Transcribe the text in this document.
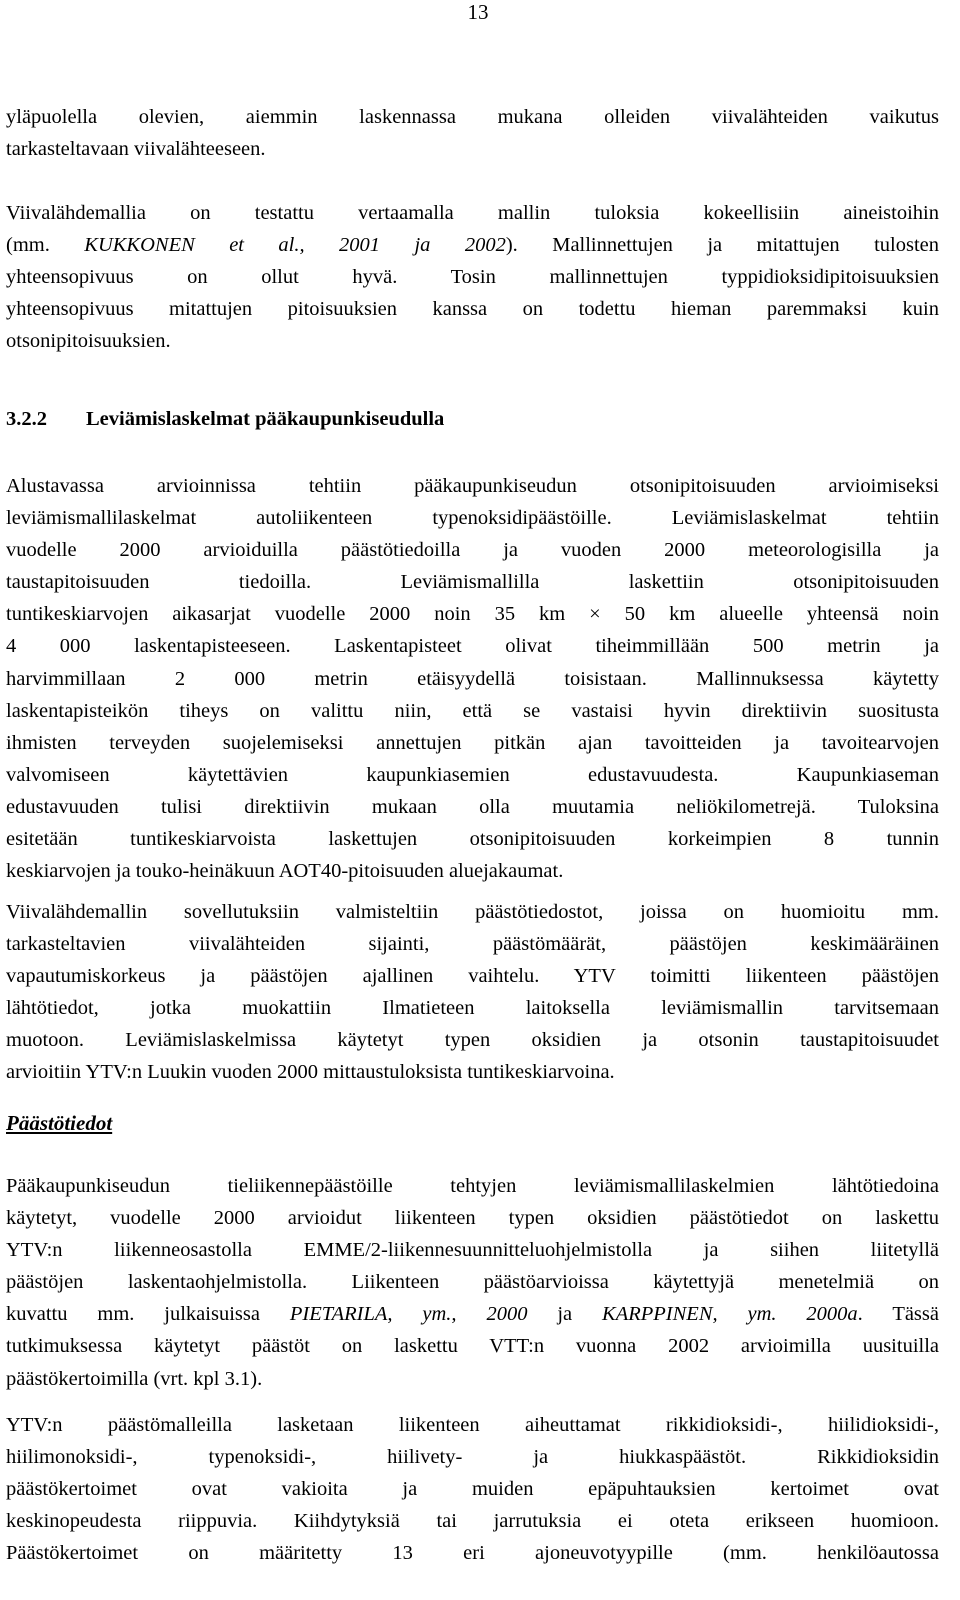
13

yläpuolella olevien, aiemmin laskennassa mukana olleiden viivalähteiden vaikutus
tarkasteltavaan viivalähteeseen.

Viivalähdemallia on testattu vertaamalla mallin tuloksia kokeellisiin aineistoihin
(mm. KUKKONEN et al., 2001 ja 2002). Mallinnettujen ja mitattujen tulosten
yhteensopivuus on ollut hyvä. Tosin mallinnettujen typpidioksidipitoisuuksien
yhteensopivuus mitattujen pitoisuuksien kanssa on todettu hieman paremmaksi kuin
otsonipitoisuuksien.

3.2.2 Leviämislaskelmat pääkaupunkiseudulla

Alustavassa arvioinnissa tehtiin pääkaupunkiseudun otsonipitoisuuden arvioimiseksi
leviämismallilaskelmat autoliikenteen typenoksidipäästöille. Leviämislaskelmat tehtiin
vuodelle 2000 arvioiduilla päästötiedoilla ja vuoden 2000 meteorologisilla ja
taustapitoisuuden tiedoilla. Leviämismallilla laskettiin otsonipitoisuuden
tuntikeskiarvojen aikasarjat vuodelle 2000 noin 35 km × 50 km alueelle yhteensä noin
4 000 laskentapisteeseen. Laskentapisteet olivat tiheimmillään 500 metrin ja
harvimmillaan 2 000 metrin etäisyydellä toisistaan. Mallinnuksessa käytetty
laskentapisteikön tiheys on valittu niin, että se vastaisi hyvin direktiivin suositusta
ihmisten terveyden suojelemiseksi annettujen pitkän ajan tavoitteiden ja tavoitearvojen
valvomiseen käytettävien kaupunkiasemien edustavuudesta. Kaupunkiaseman
edustavuuden tulisi direktiivin mukaan olla muutamia neliökilometrejä. Tuloksina
esitetään tuntikeskiarvoista laskettujen otsonipitoisuuden korkeimpien 8 tunnin
keskiarvojen ja touko-heinäkuun AOT40-pitoisuuden aluejakaumat.

Viivalähdemallin sovellutuksiin valmisteltiin päästötiedostot, joissa on huomioitu mm.
tarkasteltavien viivalähteiden sijainti, päästömäärät, päästöjen keskimääräinen
vapautumiskorkeus ja päästöjen ajallinen vaihtelu. YTV toimitti liikenteen päästöjen
lähtötiedot, jotka muokattiin Ilmatieteen laitoksella leviämismallin tarvitsemaan
muotoon. Leviämislaskelmissa käytetyt typen oksidien ja otsonin taustapitoisuudet
arvioitiin YTV:n Luukin vuoden 2000 mittaustuloksista tuntikeskiarvoina.

Päästötiedot

Pääkaupunkiseudun tieliikennepäästöille tehtyjen leviämismallilaskelmien lähtötiedoina
käytetyt, vuodelle 2000 arvioidut liikenteen typen oksidien päästötiedot on laskettu
YTV:n liikenneosastolla EMME/2-liikennesuunnitteluohjelmistolla ja siihen liitetyllä
päästöjen laskentaohjelmistolla. Liikenteen päästöarvioissa käytettyjä menetelmiä on
kuvattu mm. julkaisuissa PIETARILA, ym., 2000 ja KARPPINEN, ym. 2000a. Tässä
tutkimuksessa käytetyt päästöt on laskettu VTT:n vuonna 2002 arvioimilla uusituilla
päästökertoimilla (vrt. kpl 3.1).

YTV:n päästömalleilla lasketaan liikenteen aiheuttamat rikkidioksidi-, hiilidioksidi-,
hiilimonoksidi-, typenoksidi-, hiilivety- ja hiukkaspäästöt. Rikkidioksidin
päästökertoimet ovat vakioita ja muiden epäpuhtauksien kertoimet ovat
keskinopeudesta riippuvia. Kiihdytyksiä tai jarrutuksia ei oteta erikseen huomioon.
Päästökertoimet on määritetty 13 eri ajoneuvotyypille (mm. henkilöautossa
